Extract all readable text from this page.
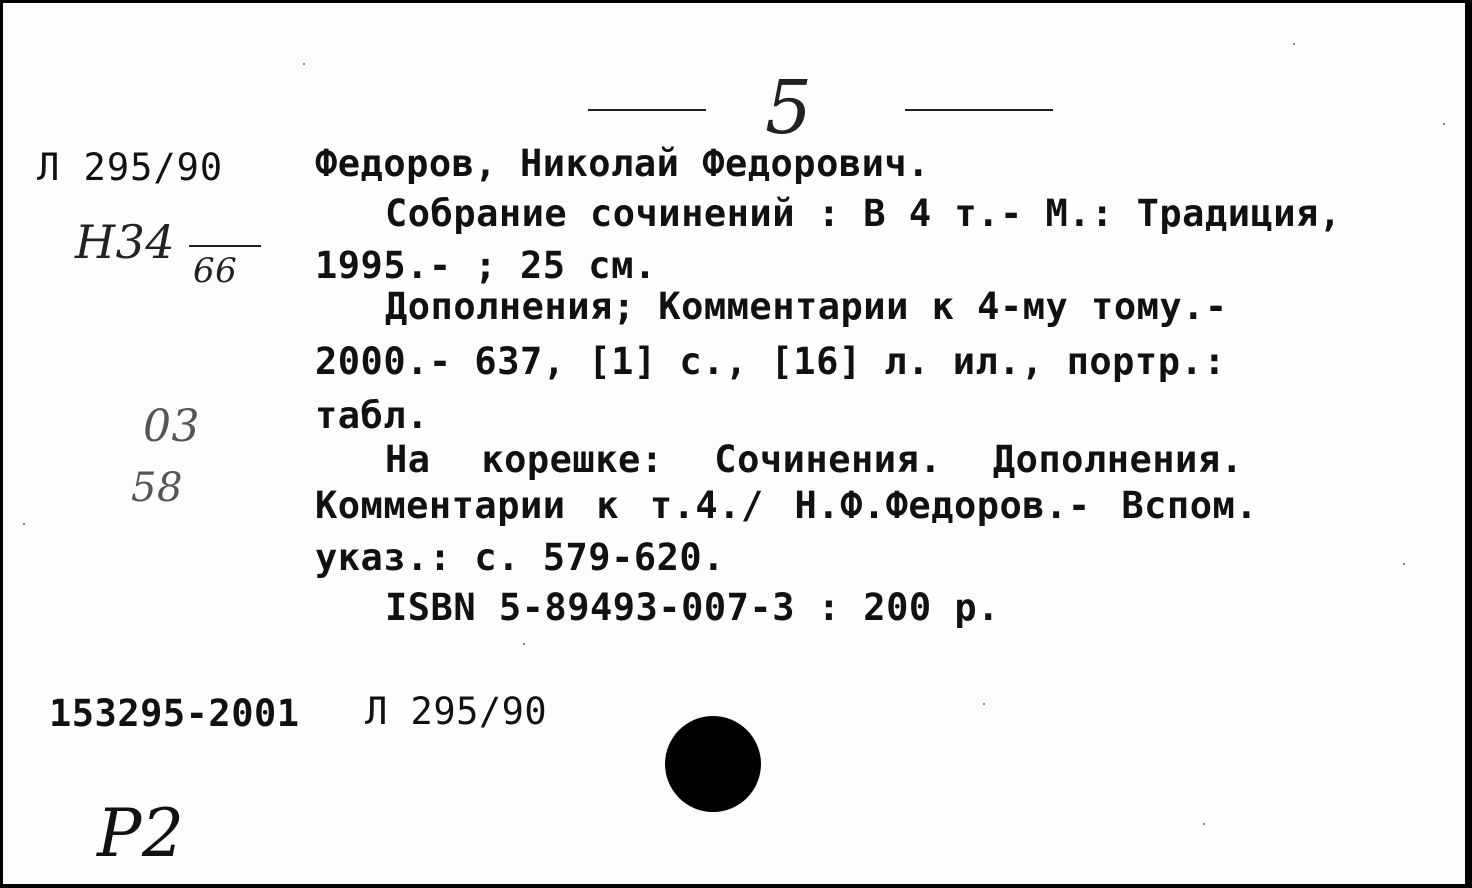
5
Л 295/90
Н34
66
03
58
Федоров, Николай Федорович.
Собрание сочинений : В 4 т.- М.: Традиция,
1995.- ; 25 см.
Дополнения; Комментарии к 4-му тому.-
2000.- 637, [1] с., [16] л. ил., портр.:
табл.
На корешке: Сочинения. Дополнения.
Комментарии к т.4./ Н.Ф.Федоров.- Вспом.
указ.: с. 579-620.
ISBN 5-89493-007-3 : 200 р.
153295-2001 Л 295/90
Р2
